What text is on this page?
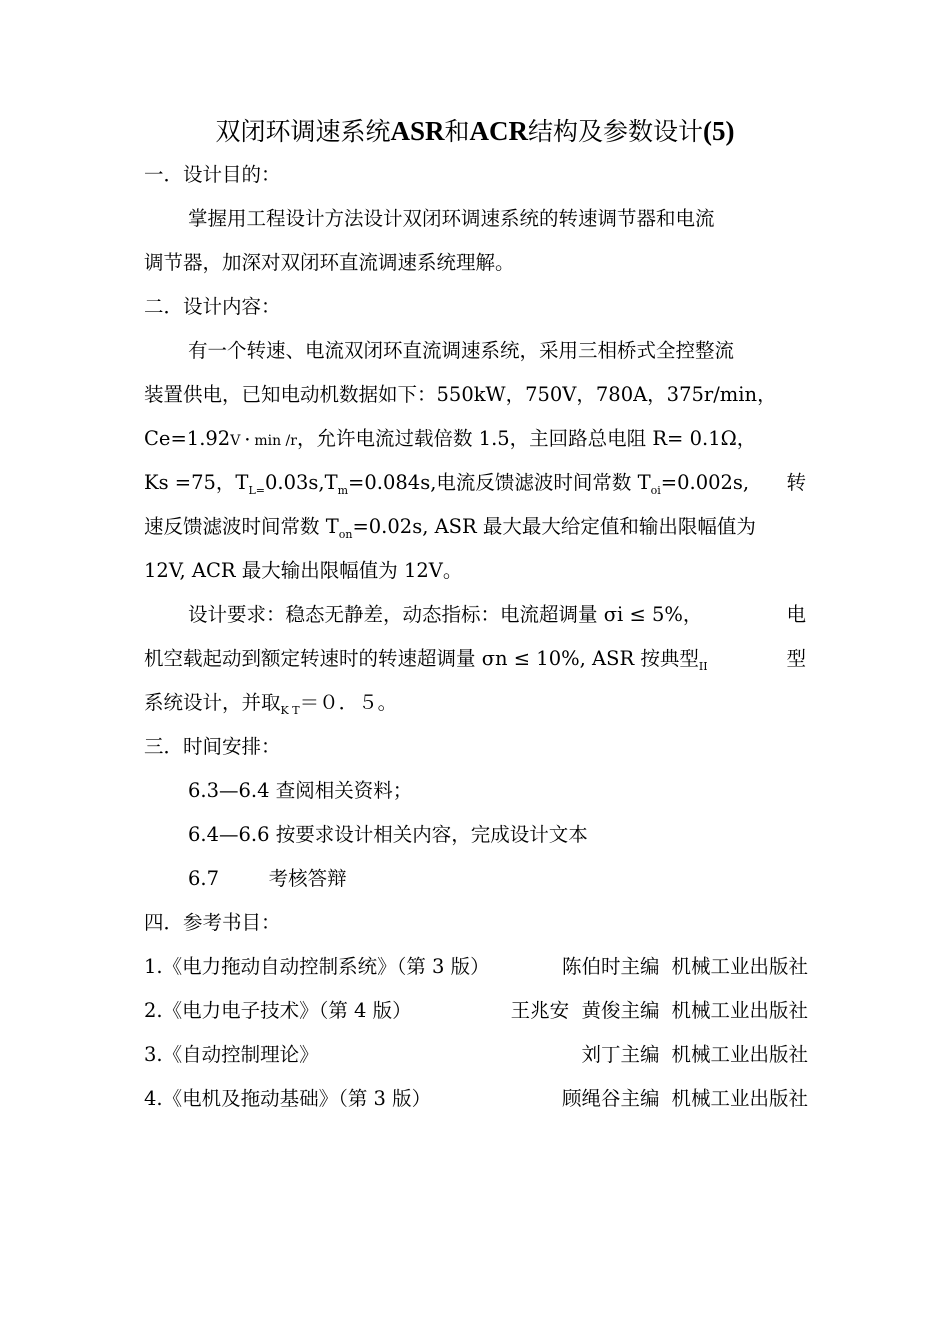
双闭环调速系统ASR和ACR结构及参数设计(5)
一．设计目的：
掌握用工程设计方法设计双闭环调速系统的转速调节器和电流
调节器，加深对双闭环直流调速系统理解。
二．设计内容：
有一个转速、电流双闭环直流调速系统，采用三相桥式全控整流
装置供电，已知电动机数据如下：550kW，750V，780A，375r/min，
Ce=1.92V・min /r，允许电流过载倍数 1.5，主回路总电阻 R= 0.1Ω，
Ks =75，$T_{L=}0.03s,T_m=0.084s$,电流反馈滤波时间常数 $T_{oi}=0.002s$, 转
速反馈滤波时间常数 $T_{on}=0.02s$, ASR 最大最大给定值和输出限幅值为
12V, ACR 最大输出限幅值为 12V。
设计要求：稳态无静差，动态指标：电流超调量 σi ≤ 5%，	电
机空载起动到额定转速时的转速超调量 σn ≤ 10%, ASR 按典型$_{II}$	型
系统设计，并取$_{K T}$＝０．５。
三．时间安排：
6.3—6.4 查阅相关资料；
6.4—6.6 按要求设计相关内容，完成设计文本
6.7        考核答辩
四．参考书目：
1.《电力拖动自动控制系统》（第 3 版）	陈伯时主编 机械工业出版社
2.《电力电子技术》（第 4 版）	王兆安  黄俊主编 机械工业出版社
3.《自动控制理论》	刘丁主编 机械工业出版社
4.《电机及拖动基础》（第 3 版）	顾绳谷主编 机械工业出版社
